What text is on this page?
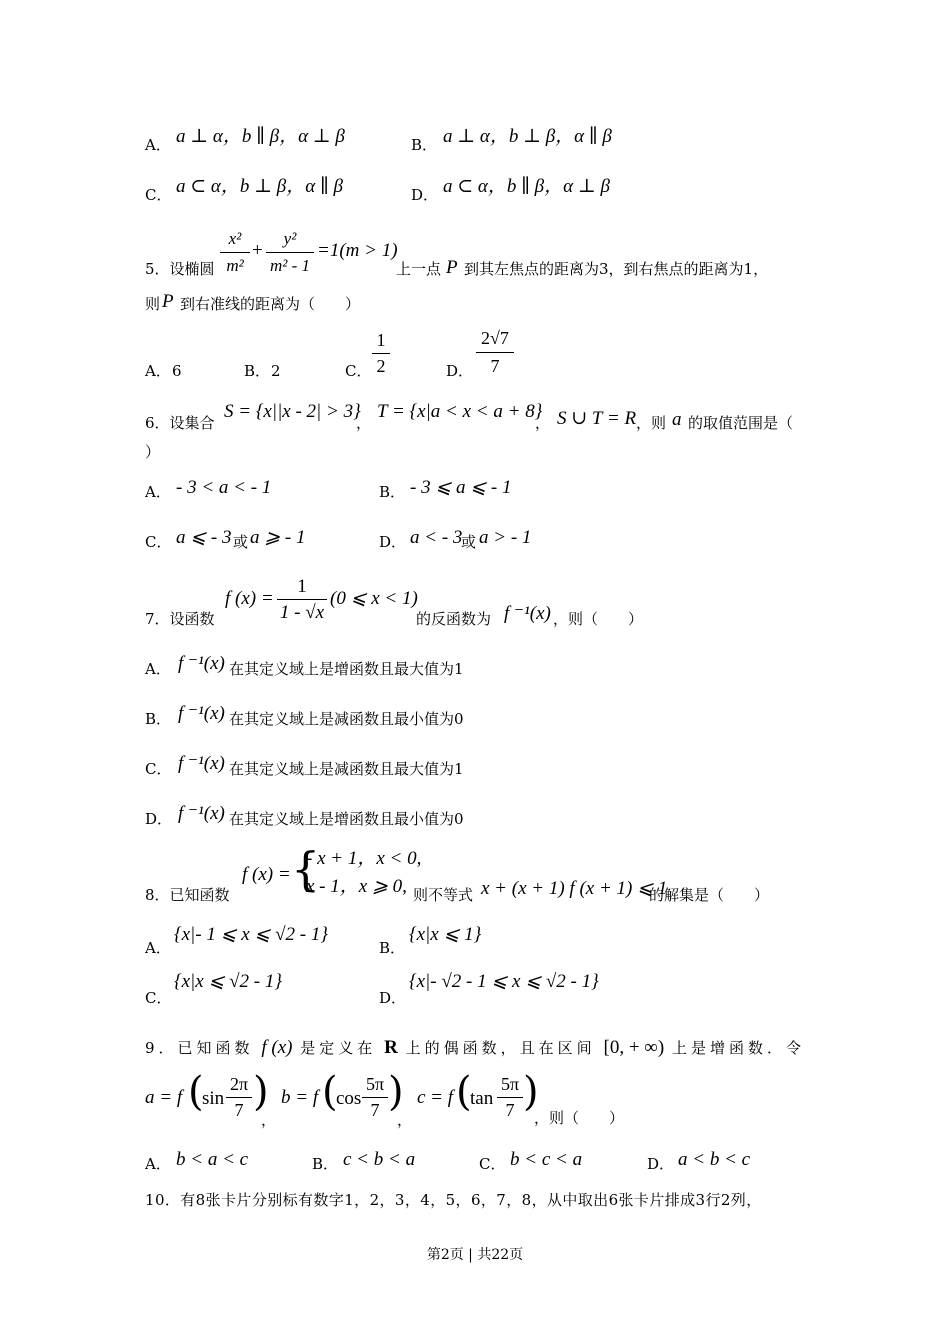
A． a ⊥ α，b ∥ β，α ⊥ β	B． a ⊥ α，b ⊥ β，α ∥ β
C． a ⊂ α，b ⊥ β，α ∥ β	D． a ⊂ α，b ∥ β，α ⊥ β
5．设椭圆
x²
m²
+
y²
m² - 1
=1(m > 1)
上一点 P 到其左焦点的距离为3，到右焦点的距离为1，
则 P 到右准线的距离为（　　）
A． 6	B． 2	C．
1
2	D．
2√7
7
6．设集合
S = {x||x - 2| > 3}
，
T = {x|a < x < a + 8}
， S ∪ T = R ，则 a 的取值范围是（
）
A． - 3 < a < - 1	B． - 3 ⩽ a ⩽ - 1
C． a ⩽ - 3 或 a ⩾ - 1	D． a < - 3
或 a > - 1
7．设函数
f (x) =
1
1 - √x
(0 ⩽ x < 1)
的反函数为 f ⁻¹(x) ，则（　　）
A． f ⁻¹(x) 在其定义域上是增函数且最大值为1
B． f ⁻¹(x) 在其定义域上是减函数且最小值为0
C． f ⁻¹(x) 在其定义域上是减函数且最大值为1
D． f ⁻¹(x) 在其定义域上是增函数且最小值为0
8．已知函数
f (x) = {
- x + 1，x < 0,
x - 1，x ⩾ 0, 则不等式 x + (x + 1) f (x + 1) ⩽ 1
的解集是（　　）
A．
{x|- 1 ⩽ x ⩽ √2 - 1}
B．
{x|x ⩽ 1}
C．
{x|x ⩽ √2 - 1}
D．
{x|- √2 - 1 ⩽ x ⩽ √2 - 1}
9．已知函数 f (x) 是定义在 R 上的偶函数，且在区间 [0, + ∞) 上是增函数．令
a = f (
sin
2π
7 )
，
b = f (
cos
5π
7 )
，
c = f (
tan
5π
7 )
，则（　　）
A． b < a < c	B． c < b < a	C． b < c < a	D． a < b < c
10．有8张卡片分别标有数字1，2，3，4，5，6，7，8，从中取出6张卡片排成3行2列，
第2页 | 共22页
